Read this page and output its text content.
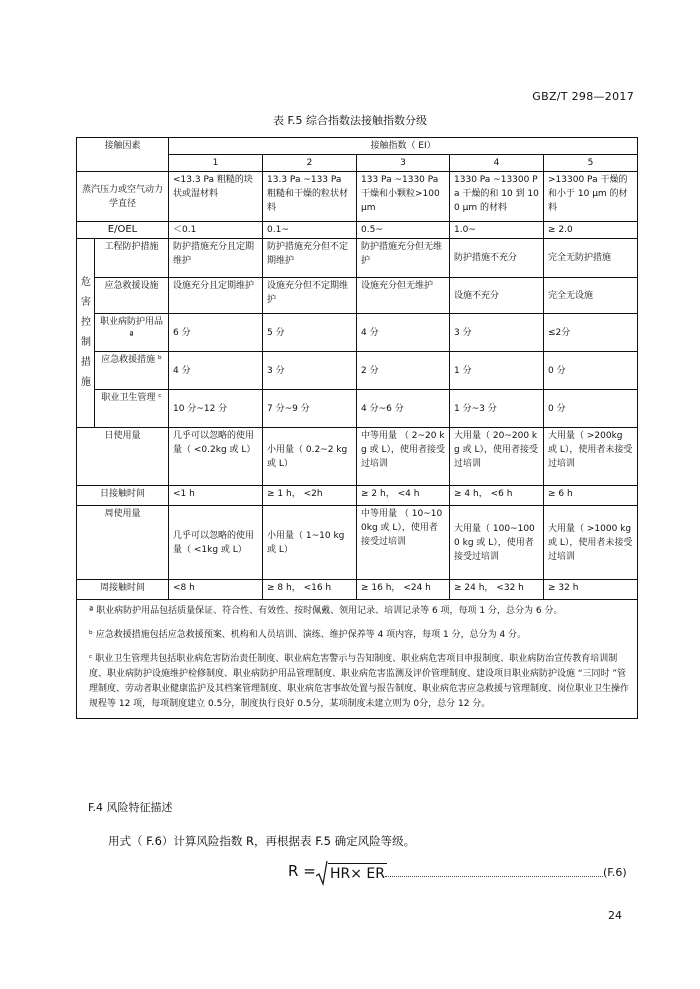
GBZ/T 298—2017
表 F.5 综合指数法接触指数分级
接触因素		接触指数（ EI）				
		1	2	3	4	5
蒸汽压力或空气动力学直径		<13.3 Pa 粗糙的块状或湿材料	13.3 Pa ~133 Pa 粗糙和干燥的粒状材料	133 Pa ~1330 Pa 干燥和小颗粒>100 μm	1330 Pa ~13300 Pa 干燥的和 10 到 100 μm 的材料	>13300 Pa 干燥的和小于 10 μm 的材料
E/OEL		＜0.1	0.1~	0.5~	1.0~	≥ 2.0
危害控制措施	工程防护措施	防护措施充分且定期维护	防护措施充分但不定期维护	防护措施充分但无维护	防护措施不充分	完全无防护措施
	应急救援设施	设施充分且定期维护	设施充分但不定期维护	设施充分但无维护	设施不充分	完全无设施
	职业病防护用品 ª	6 分	5 分	4 分	3 分	≤2分
	应急救援措施 ᵇ	4 分	3 分	2 分	1 分	0 分
	职业卫生管理 ᶜ	10 分~12 分	7 分~9 分	4 分~6 分	1 分~3 分	0 分
日使用量		几乎可以忽略的使用量（ <0.2kg 或 L）	小用量（ 0.2~2 kg 或 L）	中等用量 （ 2~20 kg 或 L），使用者接受过培训	大用量（ 20~200 kg 或 L），使用者接受过培训	大用量（ >200kg 或 L），使用者未接受过培训
日接触时间		<1 h	≥ 1 h， <2h	≥ 2 h， <4 h	≥ 4 h， <6 h	≥ 6 h
周使用量		几乎可以忽略的使用量（ <1kg 或 L）	小用量（ 1~10 kg 或 L）	中等用量 （ 10~100kg 或 L），使用者接受过培训	大用量（ 100~1000 kg 或 L），使用者接受过培训	大用量（ >1000 kg 或 L），使用者未接受过培训
周接触时间		<8 h	≥ 8 h， <16 h	≥ 16 h， <24 h	≥ 24 h， <32 h	≥ 32 h

ª 职业病防护用品包括质量保证、符合性、有效性、按时佩戴、领用记录、培训记录等 6 项，每项 1 分，总分为 6 分。

ᵇ 应急救援措施包括应急救援预案、机构和人员培训、演练、维护保养等 4 项内容，每项 1 分，总分为 4 分。

ᶜ 职业卫生管理共包括职业病危害防治责任制度、职业病危害警示与告知制度、职业病危害项目申报制度、职业病防治宣传教育培训制度、职业病防护设施维护检修制度、职业病防护用品管理制度、职业病危害监测及评价管理制度、建设项目职业病防护设施 “三同时 ”管理制度、劳动者职业健康监护及其档案管理制度、职业病危害事故处置与报告制度、职业病危害应急救援与管理制度、岗位职业卫生操作规程等 12 项，每项制度建立 0.5分，制度执行良好 0.5分，某项制度未建立则为 0分，总分 12 分。						

F.4 风险特征描述
用式（ F.6）计算风险指数 R，再根据表 F.5 确定风险等级。
R = HR× ER	(F.6)
24
